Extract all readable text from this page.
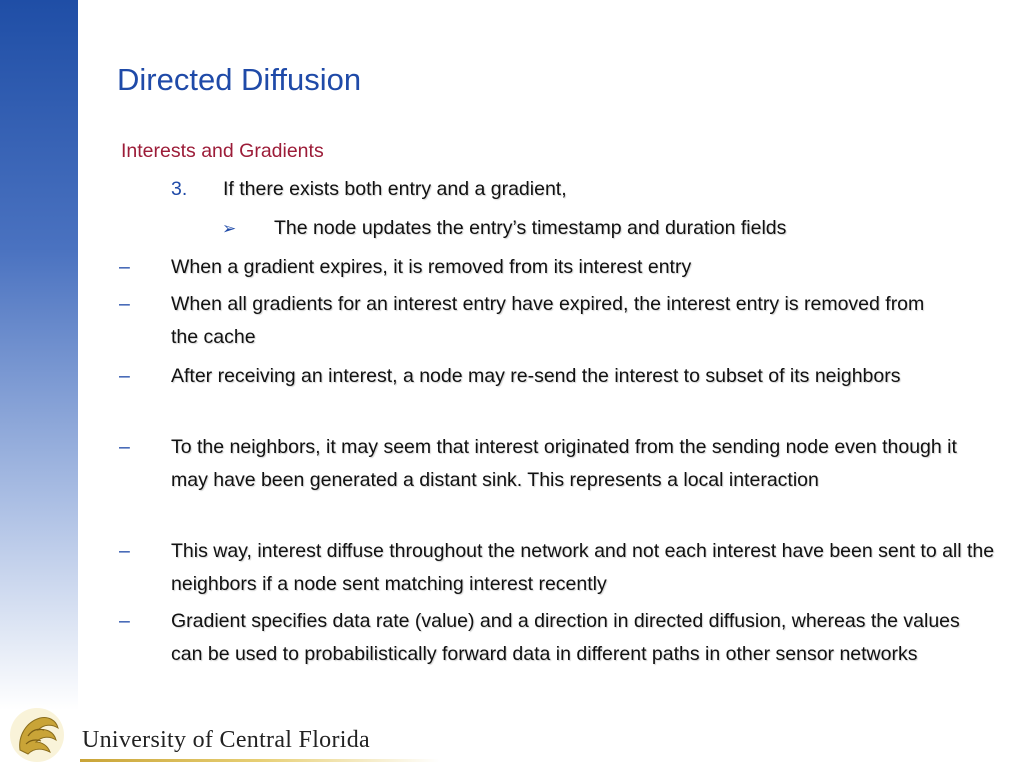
Directed Diffusion
Interests and Gradients
3. If there exists both entry and a gradient,
➢ The node updates the entry’s timestamp and duration fields
–	When a gradient expires, it is removed from its interest entry
–	When all gradients for an interest entry have expired, the interest entry is removed from the cache
–	After receiving an interest, a node may re-send the interest to subset of its neighbors
–	To the neighbors, it may seem that interest originated from the sending node even though it may have been generated a distant sink. This represents a local interaction
–	This way, interest diffuse throughout the network and not each interest have been sent to all the neighbors if a node sent matching interest recently
–	Gradient specifies data rate (value) and a direction in directed diffusion, whereas the values can be used to probabilistically forward data in different paths in other sensor networks
University of Central Florida
